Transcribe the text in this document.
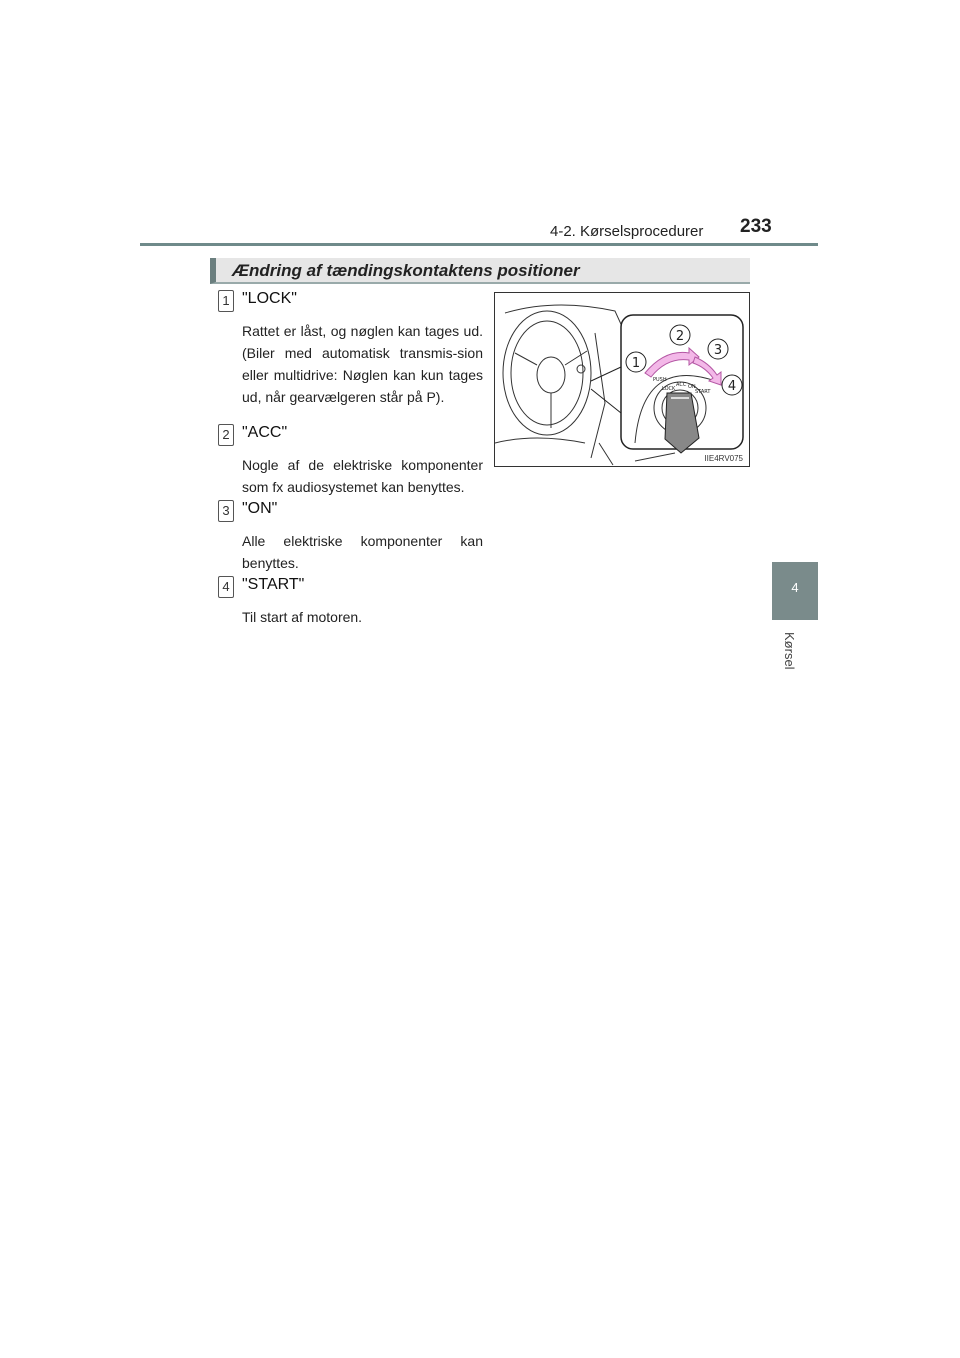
4-2. Kørselsprocedurer 233
4
Kørsel
Ændring af tændingskontaktens positioner
1 "LOCK"
Rattet er låst, og nøglen kan tages ud. (Biler med automatisk transmis-sion eller multidrive: Nøglen kan kun tages ud, når gearvælgeren står på P).
2 "ACC"
Nogle af de elektriske komponenter som fx audiosystemet kan benyttes.
3 "ON"
Alle elektriske komponenter kan benyttes.
4 "START"
Til start af motoren.
PUSH
LOCK
ACC ON
START
1
2
3
4
IIE4RV075
